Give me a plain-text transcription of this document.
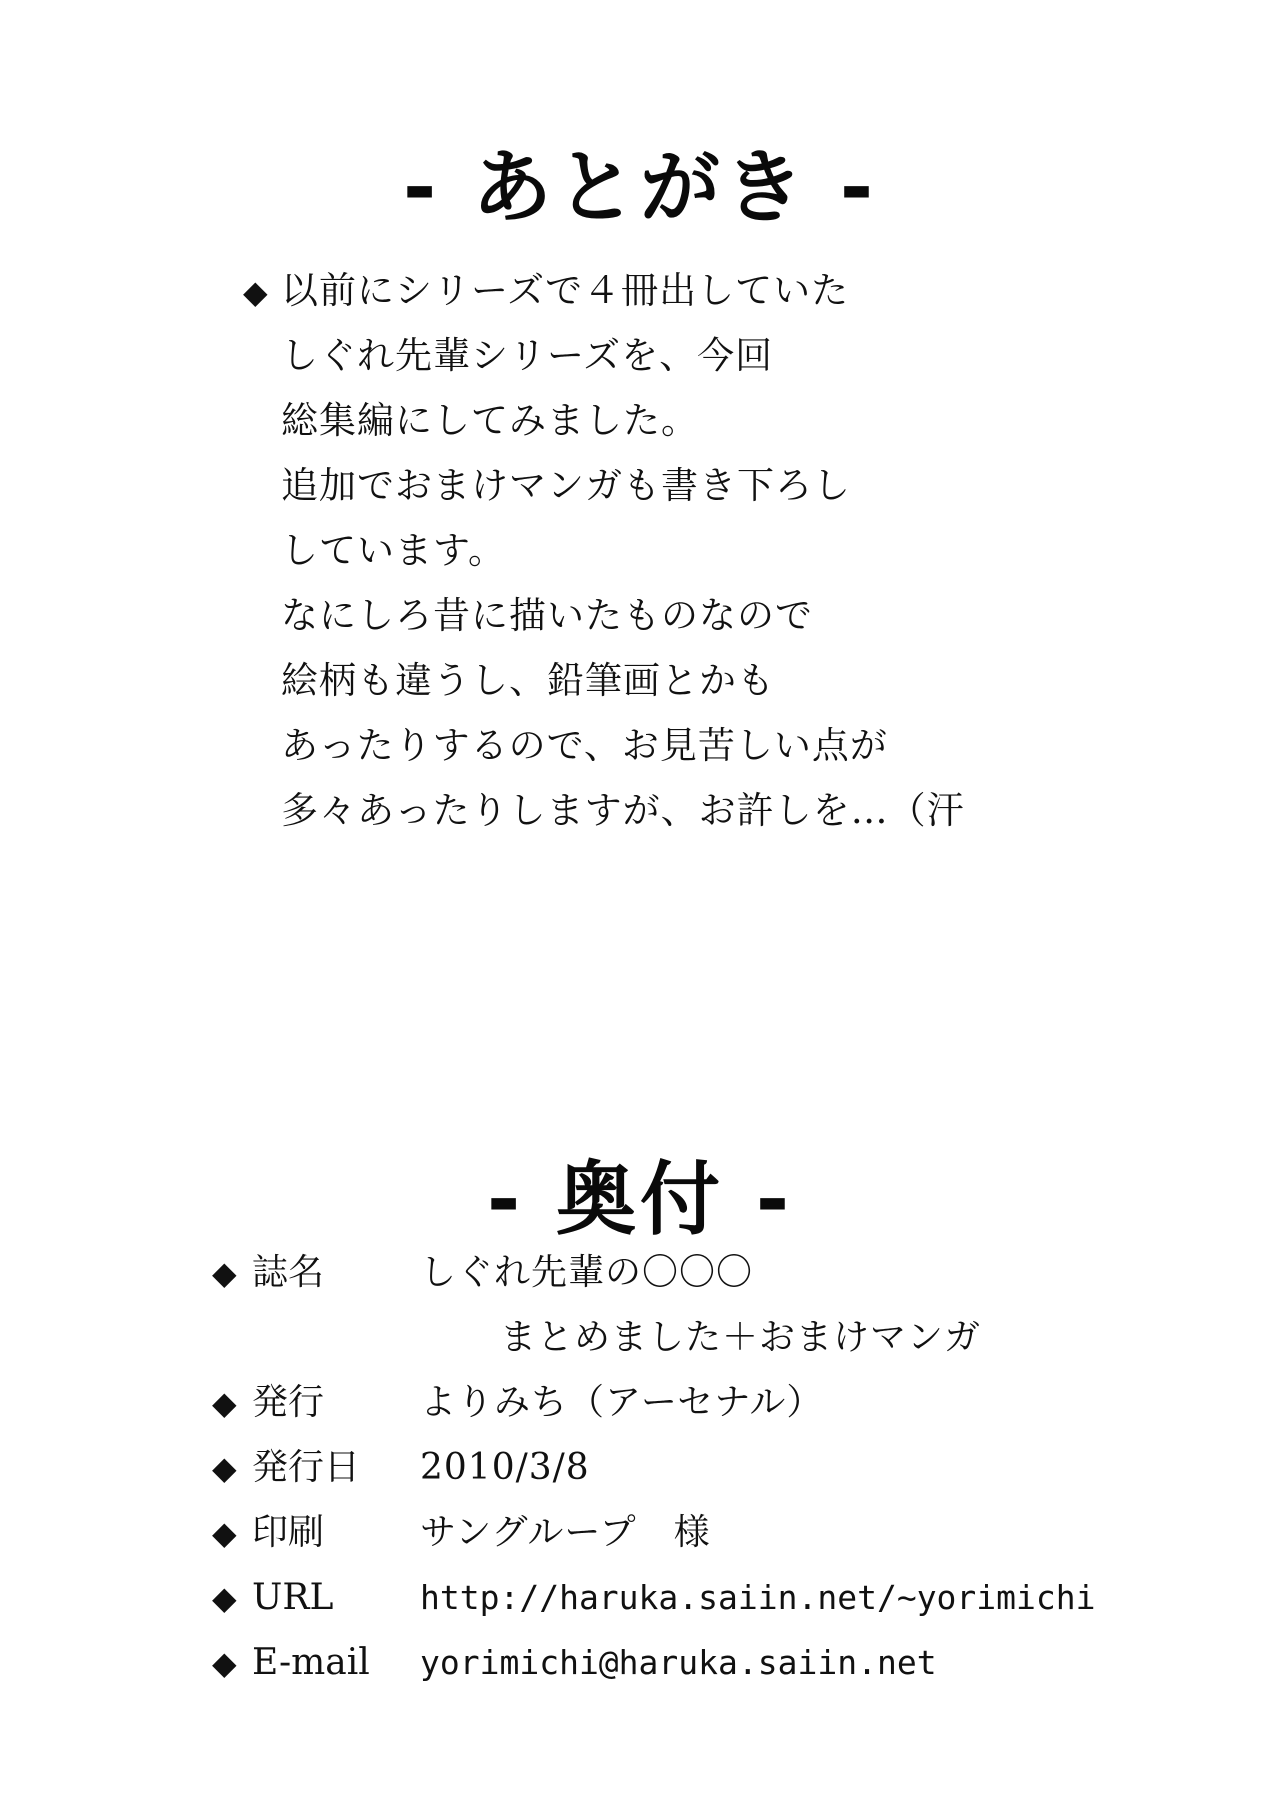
- あとがき -
◆ 以前にシリーズで４冊出していた
しぐれ先輩シリーズを、今回
総集編にしてみました。
追加でおまけマンガも書き下ろし
しています。
なにしろ昔に描いたものなので
絵柄も違うし、鉛筆画とかも
あったりするので、お見苦しい点が
多々あったりしますが、お許しを…（汗
- 奥付 -
◆ 誌名	しぐれ先輩の〇〇〇
まとめました＋おまけマンガ
◆ 発行	よりみち（アーセナル）
◆ 発行日 2010/3/8
◆ 印刷	サングループ　様
◆ URL	http://haruka.saiin.net/~yorimichi
◆ E-mail yorimichi@haruka.saiin.net
